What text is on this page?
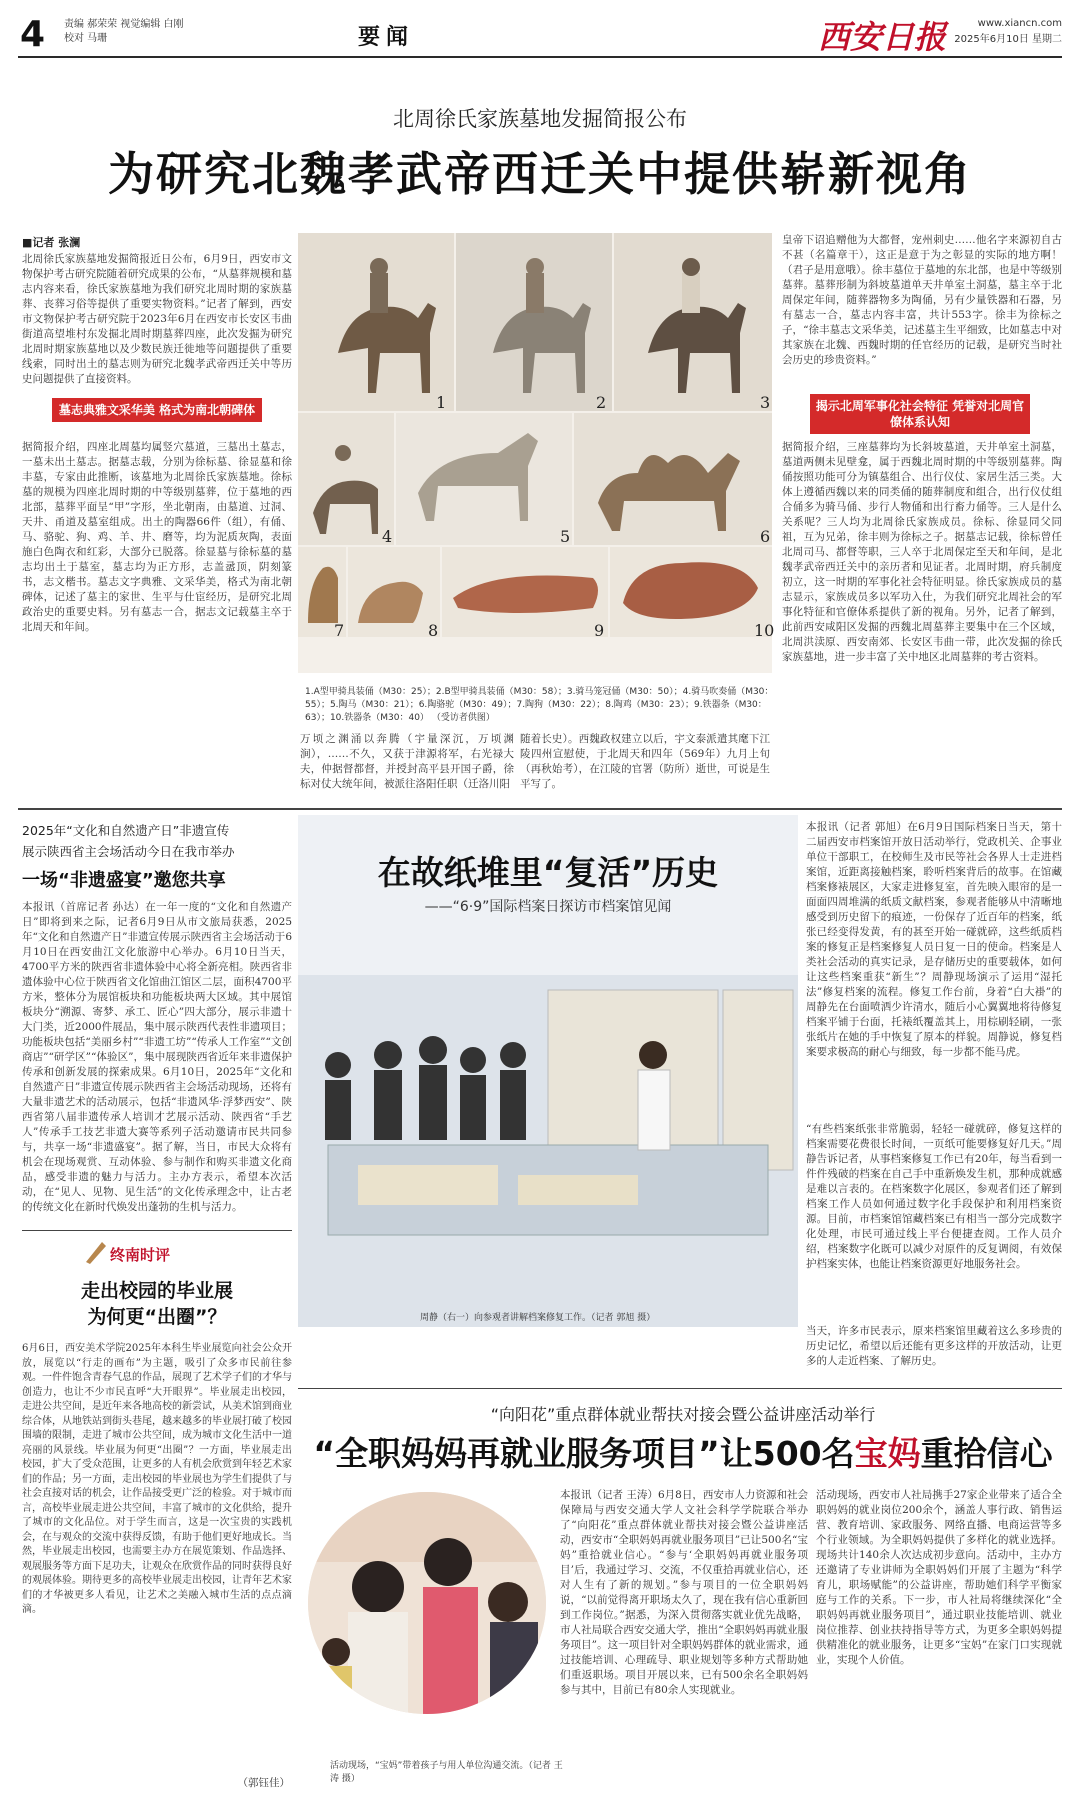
4 责编 郝荣荣 视觉编辑 白刚
校对 马珊	要闻	西安日报	www.xiancn.com
2025年6月10日 星期二
北周徐氏家族墓地发掘简报公布
为研究北魏孝武帝西迁关中提供崭新视角
■记者 张澜
北周徐氏家族墓地发掘简报近日公布，6月9日，西安市文物保护考古研究院随着研究成果的公布，“从墓葬规模和墓志内容来看，徐氏家族墓地为我们研究北周时期的家族墓葬、丧葬习俗等提供了重要实物资料。”记者了解到，西安市文物保护考古研究院于2023年6月在西安市长安区韦曲街道高望堆村东发掘北周时期墓葬四座，此次发掘为研究北周时期家族墓地以及少数民族迁徙地等问题提供了重要线索，同时出土的墓志则为研究北魏孝武帝西迁关中等历史问题提供了直接资料。
墓志典雅文采华美 格式为南北朝碑体
据简报介绍，四座北周墓均属竖穴墓道，三墓出土墓志，一墓未出土墓志。据墓志载，分别为徐标墓、徐显墓和徐丰墓，专家由此推断，该墓地为北周徐氏家族墓地。徐标墓的规模为四座北周时期的中等级别墓葬，位于墓地的西北部，墓葬平面呈“甲”字形，坐北朝南，由墓道、过洞、天井、甬道及墓室组成。出土的陶器66件（组），有俑、马、骆驼、狗、鸡、羊、井、磨等，均为泥质灰陶，表面施白色陶衣和红彩，大部分已脱落。徐显墓与徐标墓的墓志均出土于墓室，墓志均为正方形，志盖盝顶，阴刻篆书，志文楷书。墓志文字典雅、文采华美，格式为南北朝碑体，记述了墓主的家世、生平与仕宦经历，是研究北周政治史的重要史料。另有墓志一合，据志文记载墓主卒于北周天和年间。
1	2	3
4	5	6
7	8	9	10
1.A型甲骑具装俑（M30：25）；2.B型甲骑具装俑（M30：58）；3.骑马笼冠俑（M30：50）；4.骑马吹奏俑（M30：55）；5.陶马（M30：21）；6.陶骆驼（M30：49）；7.陶狗（M30：22）；8.陶鸡（M30：23）；9.铁器条（M30：63）；10.铁器条（M30：40） （受访者供图）
万顷之渊涌以奔腾（宇量深沉，万顷渊涧），……不久，又获于津源将军，右光禄大夫，仲据督都督，并授封高平县开国子爵，徐标对仗大统年间，被派往洛阳任职（迁洛川阳
随着长史）。西魏政权建立以后，宇文泰派遣其麾下江陵四州宣慰使，于北周天和四年（569年）九月上旬（再秋始考），在江陵的官署（防所）逝世，可说是生平写了。
皇帝下诏追赠他为大都督，宠州刺史……他名字来源初自古不甚（名篇章干），这正是意于为之彰显的实际的地方啊！（君子是用意哦）。徐丰墓位于墓地的东北部，也是中等级别墓葬。墓葬形制为斜坡墓道单天井单室土洞墓，墓主卒于北周保定年间，随葬器物多为陶俑，另有少量铁器和石器，另有墓志一合，墓志内容丰富，共计553字。徐丰为徐标之子，“徐丰墓志文采华美，记述墓主生平细致，比如墓志中对其家族在北魏、西魏时期的任官经历的记载，是研究当时社会历史的珍贵资料。”
揭示北周军事化社会特征 凭誉对北周官僚体系认知
据简报介绍，三座墓葬均为长斜坡墓道，天井单室土洞墓，墓道两侧未见壁龛，属于西魏北周时期的中等级别墓葬。陶俑按照功能可分为镇墓组合、出行仪仗、家居生活三类。大体上遵循西魏以来的同类俑的随葬制度和组合，出行仪仗组合俑多为骑马俑、步行人物俑和出行畜力俑等。三人是什么关系呢？三人均为北周徐氏家族成员。徐标、徐显同父同祖，互为兄弟，徐丰则为徐标之子。据墓志记载，徐标曾任北周司马、都督等职，三人卒于北周保定至天和年间，是北魏孝武帝西迁关中的亲历者和见证者。北周时期，府兵制度初立，这一时期的军事化社会特征明显。徐氏家族成员的墓志显示，家族成员多以军功入仕，为我们研究北周社会的军事化特征和官僚体系提供了新的视角。另外，记者了解到，此前西安咸阳区发掘的西魏北周墓葬主要集中在三个区域，北周洪渎原、西安南郊、长安区韦曲一带，此次发掘的徐氏家族墓地，进一步丰富了关中地区北周墓葬的考古资料。
2025年“文化和自然遗产日”非遗宣传
展示陕西省主会场活动今日在我市举办
一场“非遗盛宴”邀您共享
本报讯（首席记者 孙达）在一年一度的“文化和自然遗产日”即将到来之际，记者6月9日从市文旅局获悉，2025年“文化和自然遗产日”非遗宣传展示陕西省主会场活动于6月10日在西安曲江文化旅游中心举办。6月10日当天，4700平方米的陕西省非遗体验中心将全新亮相。陕西省非遗体验中心位于陕西省文化馆曲江馆区二层，面积4700平方米，整体分为展馆板块和功能板块两大区域。其中展馆板块分“溯源、寄梦、承工、匠心”四大部分，展示非遗十大门类，近2000件展品，集中展示陕西代表性非遗项目；功能板块包括“美丽乡村”“非遗工坊”“传承人工作室”“文创商店”“研学区”“体验区”，集中展现陕西省近年来非遗保护传承和创新发展的探索成果。6月10日，2025年“文化和自然遗产日”非遗宣传展示陕西省主会场活动现场，还将有大量非遗艺术的活动展示，包括“非遗风华·浮梦西安”、陕西省第八届非遗传承人培训才艺展示活动、陕西省“手艺人”传承手工技艺非遗大赛等系列子活动邀请市民共同参与，共享一场“非遗盛宴”。据了解，当日，市民大众将有机会在现场观赏、互动体验、参与制作和购买非遗文化商品，感受非遗的魅力与活力。主办方表示，希望本次活动，在“见人、见物、见生活”的文化传承理念中，让古老的传统文化在新时代焕发出蓬勃的生机与活力。
终南时评
走出校园的毕业展
为何更“出圈”？
6月6日，西安美术学院2025年本科生毕业展览向社会公众开放，展览以“行走的画布”为主题，吸引了众多市民前往参观。一件件饱含青春气息的作品，展现了艺术学子们的才华与创造力，也让不少市民直呼“大开眼界”。毕业展走出校园，走进公共空间，是近年来各地高校的新尝试，从美术馆到商业综合体，从地铁站到街头巷尾，越来越多的毕业展打破了校园围墙的限制，走进了城市公共空间，成为城市文化生活中一道亮丽的风景线。毕业展为何更“出圈”？一方面，毕业展走出校园，扩大了受众范围，让更多的人有机会欣赏到年轻艺术家们的作品；另一方面，走出校园的毕业展也为学生们提供了与社会直接对话的机会，让作品接受更广泛的检验。对于城市而言，高校毕业展走进公共空间，丰富了城市的文化供给，提升了城市的文化品位。对于学生而言，这是一次宝贵的实践机会，在与观众的交流中获得反馈，有助于他们更好地成长。当然，毕业展走出校园，也需要主办方在展览策划、作品选择、观展服务等方面下足功夫，让观众在欣赏作品的同时获得良好的观展体验。期待更多的高校毕业展走出校园，让青年艺术家们的才华被更多人看见，让艺术之美融入城市生活的点点滴滴。
（郭钰佳）
在故纸堆里“复活”历史
——“6·9”国际档案日探访市档案馆见闻
周静（右一）向参观者讲解档案修复工作。（记者 郭旭 摄）
本报讯（记者 郭旭）在6月9日国际档案日当天，第十二届西安市档案馆开放日活动举行，党政机关、企事业单位干部职工，在校师生及市民等社会各界人士走进档案馆，近距离接触档案，聆听档案背后的故事。在馆藏档案修裱展区，大家走进修复室，首先映入眼帘的是一面面四周堆满的纸质文献档案，参观者能够从中清晰地感受到历史留下的痕迹，一份保存了近百年的档案，纸张已经变得发黄，有的甚至开始一碰就碎，这些纸质档案的修复正是档案修复人员日复一日的使命。档案是人类社会活动的真实记录，是存储历史的重要载体，如何让这些档案重获“新生”？周静现场演示了运用“湿托法”修复档案的流程。修复工作台前，身着“白大褂”的周静先在台面喷洒少许清水，随后小心翼翼地将待修复档案平铺于台面，托裱纸覆盖其上，用棕刷轻刷，一张张纸片在她的手中恢复了原本的样貌。周静说，修复档案要求极高的耐心与细致，每一步都不能马虎。
“有些档案纸张非常脆弱，轻轻一碰就碎，修复这样的档案需要花费很长时间，一页纸可能要修复好几天。”周静告诉记者，从事档案修复工作已有20年，每当看到一件件残破的档案在自己手中重新焕发生机，那种成就感是难以言表的。在档案数字化展区，参观者们还了解到档案工作人员如何通过数字化手段保护和利用档案资源。目前，市档案馆馆藏档案已有相当一部分完成数字化处理，市民可通过线上平台便捷查阅。工作人员介绍，档案数字化既可以减少对原件的反复调阅，有效保护档案实体，也能让档案资源更好地服务社会。
当天，许多市民表示，原来档案馆里藏着这么多珍贵的历史记忆，希望以后还能有更多这样的开放活动，让更多的人走近档案、了解历史。
“向阳花”重点群体就业帮扶对接会暨公益讲座活动举行
“全职妈妈再就业服务项目”让500名宝妈重拾信心
活动现场，“宝妈”带着孩子与用人单位沟通交流。（记者 王涛 摄）
本报讯（记者 王涛）6月8日，西安市人力资源和社会保障局与西安交通大学人文社会科学学院联合举办了“向阳花”重点群体就业帮扶对接会暨公益讲座活动，西安市“全职妈妈再就业服务项目”已让500名“宝妈”重拾就业信心。“参与‘全职妈妈再就业服务项目’后，我通过学习、交流，不仅重拾再就业信心，还对人生有了新的规划。”参与项目的一位全职妈妈说，“以前觉得离开职场太久了，现在我有信心重新回到工作岗位。”据悉，为深入贯彻落实就业优先战略，市人社局联合西安交通大学，推出“全职妈妈再就业服务项目”。这一项目针对全职妈妈群体的就业需求，通过技能培训、心理疏导、职业规划等多种方式帮助她们重返职场。项目开展以来，已有500余名全职妈妈参与其中，目前已有80余人实现就业。
活动现场，西安市人社局携手27家企业带来了适合全职妈妈的就业岗位200余个，涵盖人事行政、销售运营、教育培训、家政服务、网络直播、电商运营等多个行业领域。为全职妈妈提供了多样化的就业选择。现场共计140余人次达成初步意向。活动中，主办方还邀请了专业讲师为全职妈妈们开展了主题为“科学育儿，职场赋能”的公益讲座，帮助她们科学平衡家庭与工作的关系。下一步，市人社局将继续深化“全职妈妈再就业服务项目”，通过职业技能培训、就业岗位推荐、创业扶持指导等方式，为更多全职妈妈提供精准化的就业服务，让更多“宝妈”在家门口实现就业，实现个人价值。
